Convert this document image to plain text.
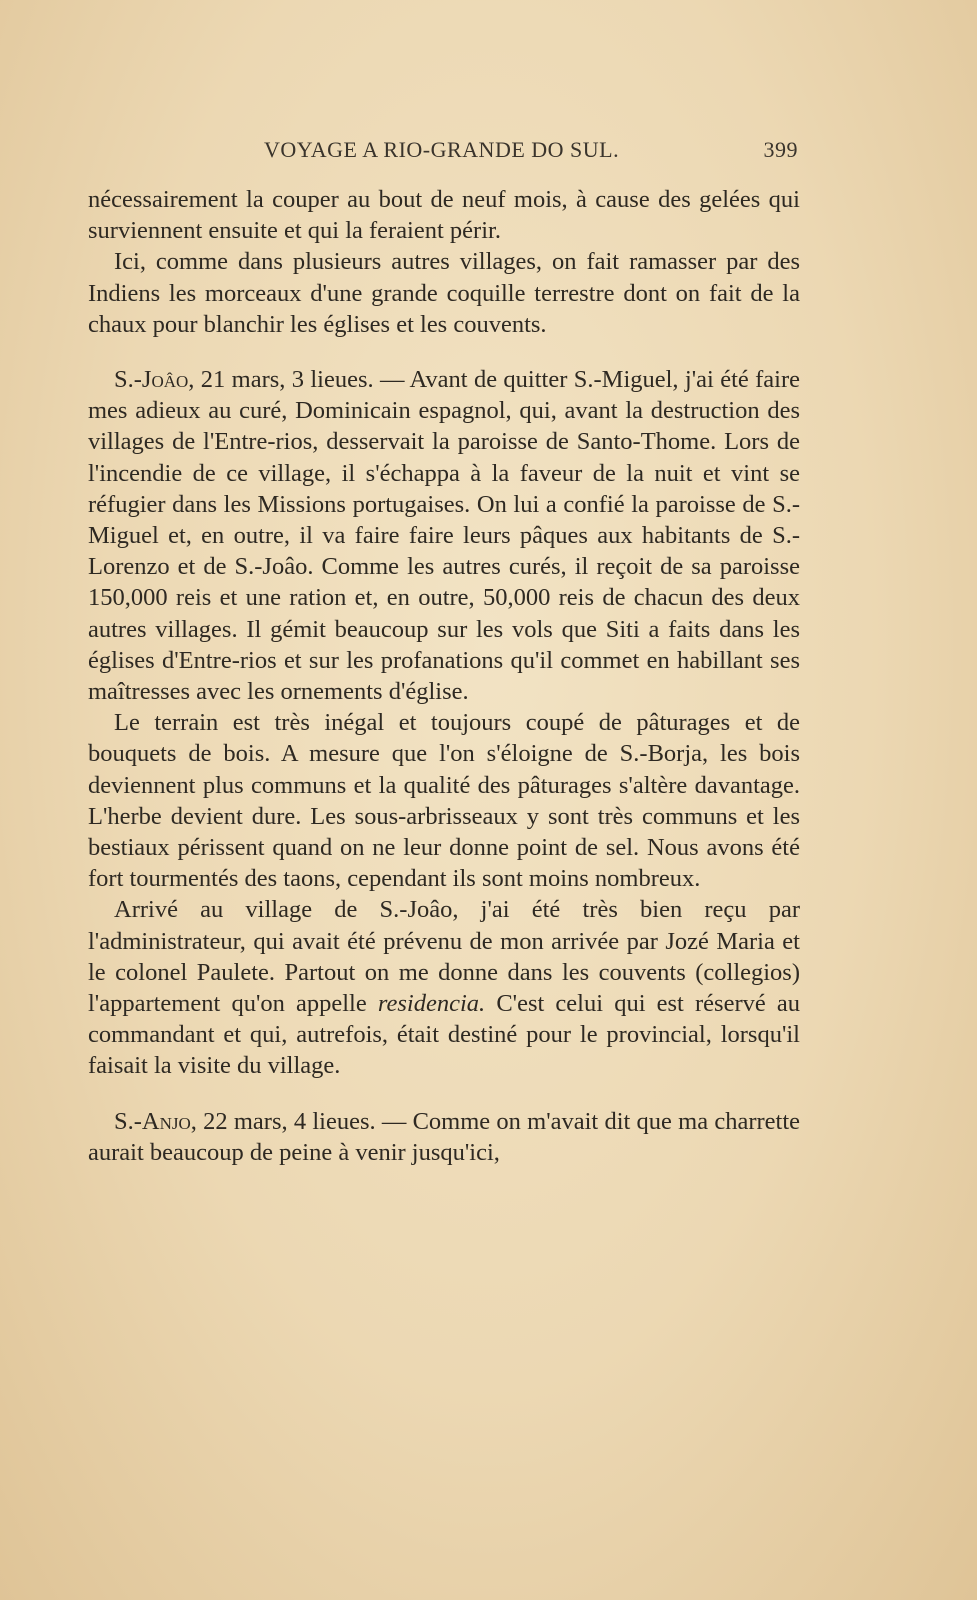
VOYAGE A RIO-GRANDE DO SUL.	399

nécessairement la couper au bout de neuf mois, à cause des gelées qui surviennent ensuite et qui la feraient périr.

Ici, comme dans plusieurs autres villages, on fait ramasser par des Indiens les morceaux d'une grande coquille terrestre dont on fait de la chaux pour blanchir les églises et les couvents.

S.-Joâo, 21 mars, 3 lieues. — Avant de quitter S.-Miguel, j'ai été faire mes adieux au curé, Dominicain espagnol, qui, avant la destruction des villages de l'Entre-rios, desservait la paroisse de Santo-Thome. Lors de l'incendie de ce village, il s'échappa à la faveur de la nuit et vint se réfugier dans les Missions portugaises. On lui a confié la paroisse de S.-Miguel et, en outre, il va faire faire leurs pâques aux habitants de S.-Lorenzo et de S.-Joâo. Comme les autres curés, il reçoit de sa paroisse 150,000 reis et une ration et, en outre, 50,000 reis de chacun des deux autres villages. Il gémit beaucoup sur les vols que Siti a faits dans les églises d'Entre-rios et sur les profanations qu'il commet en habillant ses maîtresses avec les ornements d'église.

Le terrain est très inégal et toujours coupé de pâturages et de bouquets de bois. A mesure que l'on s'éloigne de S.-Borja, les bois deviennent plus communs et la qualité des pâturages s'altère davantage. L'herbe devient dure. Les sous-arbrisseaux y sont très communs et les bestiaux périssent quand on ne leur donne point de sel. Nous avons été fort tourmentés des taons, cependant ils sont moins nombreux.

Arrivé au village de S.-Joâo, j'ai été très bien reçu par l'administrateur, qui avait été prévenu de mon arrivée par Jozé Maria et le colonel Paulete. Partout on me donne dans les couvents (collegios) l'appartement qu'on appelle residencia. C'est celui qui est réservé au commandant et qui, autrefois, était destiné pour le provincial, lorsqu'il faisait la visite du village.

S.-Anjo, 22 mars, 4 lieues. — Comme on m'avait dit que ma charrette aurait beaucoup de peine à venir jusqu'ici,
